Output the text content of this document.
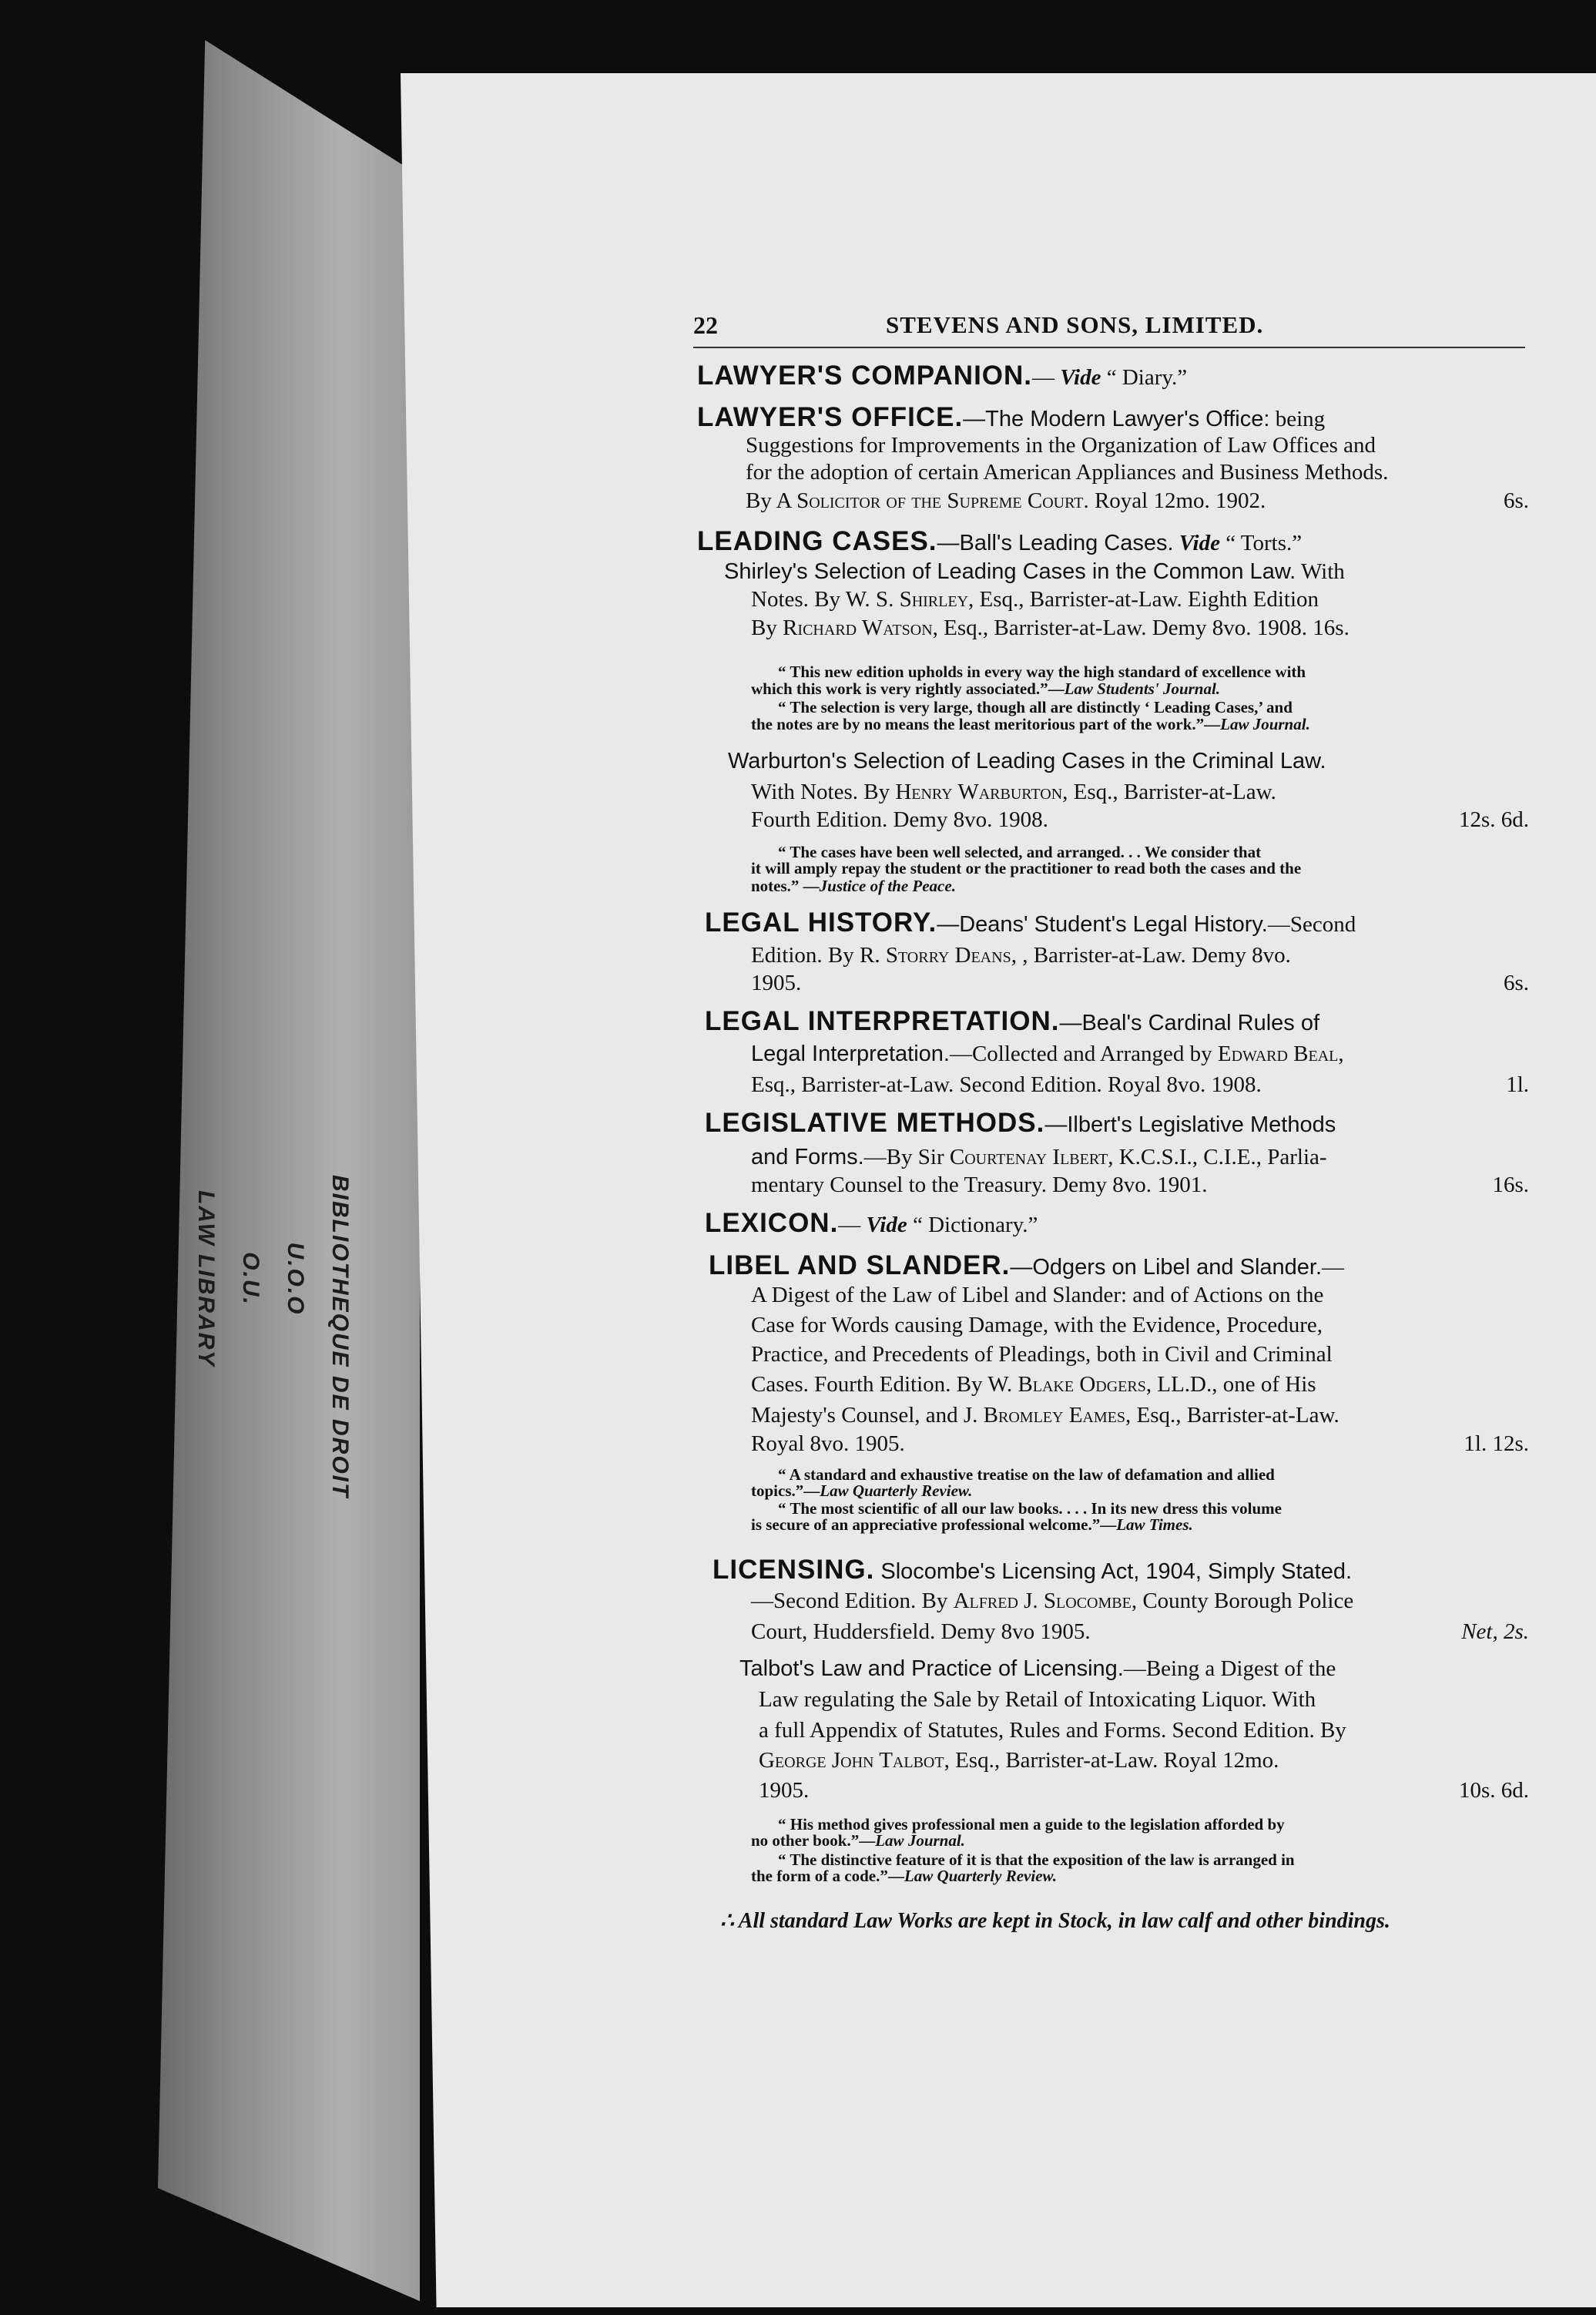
BIBLIOTHEQUE DE DROIT
U.O.O
O.U.
LAW LIBRARY
22	STEVENS AND SONS, LIMITED.
LAWYER'S COMPANION.— Vide “ Diary.”
LAWYER'S OFFICE.—The Modern Lawyer's Office: being
Suggestions for Improvements in the Organization of Law Offices and
for the adoption of certain American Appliances and Business Methods.
By A Solicitor of the Supreme Court. Royal 12mo. 1902.	6s.
LEADING CASES.—Ball's Leading Cases. Vide “ Torts.”
Shirley's Selection of Leading Cases in the Common Law. With
Notes. By W. S. Shirley, Esq., Barrister-at-Law. Eighth Edition
By Richard Watson, Esq., Barrister-at-Law. Demy 8vo. 1908. 16s.
“ This new edition upholds in every way the high standard of excellence with
which this work is very rightly associated.”—Law Students' Journal.
“ The selection is very large, though all are distinctly ‘ Leading Cases,’ and
the notes are by no means the least meritorious part of the work.”—Law Journal.
Warburton's Selection of Leading Cases in the Criminal Law.
With Notes. By Henry Warburton, Esq., Barrister-at-Law.
Fourth Edition. Demy 8vo. 1908.	12s. 6d.
“ The cases have been well selected, and arranged. . . We consider that
it will amply repay the student or the practitioner to read both the cases and the
notes.” —Justice of the Peace.
LEGAL HISTORY.—Deans' Student's Legal History.—Second
Edition. By R. Storry Deans, , Barrister-at-Law. Demy 8vo.
1905.	6s.
LEGAL INTERPRETATION.—Beal's Cardinal Rules of
Legal Interpretation.—Collected and Arranged by Edward Beal,
Esq., Barrister-at-Law. Second Edition. Royal 8vo. 1908.	1l.
LEGISLATIVE METHODS.—Ilbert's Legislative Methods
and Forms.—By Sir Courtenay Ilbert, K.C.S.I., C.I.E., Parlia-
mentary Counsel to the Treasury. Demy 8vo. 1901.	16s.
LEXICON.— Vide “ Dictionary.”
LIBEL AND SLANDER.—Odgers on Libel and Slander.—
A Digest of the Law of Libel and Slander: and of Actions on the
Case for Words causing Damage, with the Evidence, Procedure,
Practice, and Precedents of Pleadings, both in Civil and Criminal
Cases. Fourth Edition. By W. Blake Odgers, LL.D., one of His
Majesty's Counsel, and J. Bromley Eames, Esq., Barrister-at-Law.
Royal 8vo. 1905.	1l. 12s.
“ A standard and exhaustive treatise on the law of defamation and allied
topics.”—Law Quarterly Review.
“ The most scientific of all our law books. . . . In its new dress this volume
is secure of an appreciative professional welcome.”—Law Times.
LICENSING. Slocombe's Licensing Act, 1904, Simply Stated.
—Second Edition. By Alfred J. Slocombe, County Borough Police
Court, Huddersfield. Demy 8vo 1905.	Net, 2s.
Talbot's Law and Practice of Licensing.—Being a Digest of the
Law regulating the Sale by Retail of Intoxicating Liquor. With
a full Appendix of Statutes, Rules and Forms. Second Edition. By
George John Talbot, Esq., Barrister-at-Law. Royal 12mo.
1905.	10s. 6d.
“ His method gives professional men a guide to the legislation afforded by
no other book.”—Law Journal.
“ The distinctive feature of it is that the exposition of the law is arranged in
the form of a code.”—Law Quarterly Review.
∴ All standard Law Works are kept in Stock, in law calf and other bindings.
